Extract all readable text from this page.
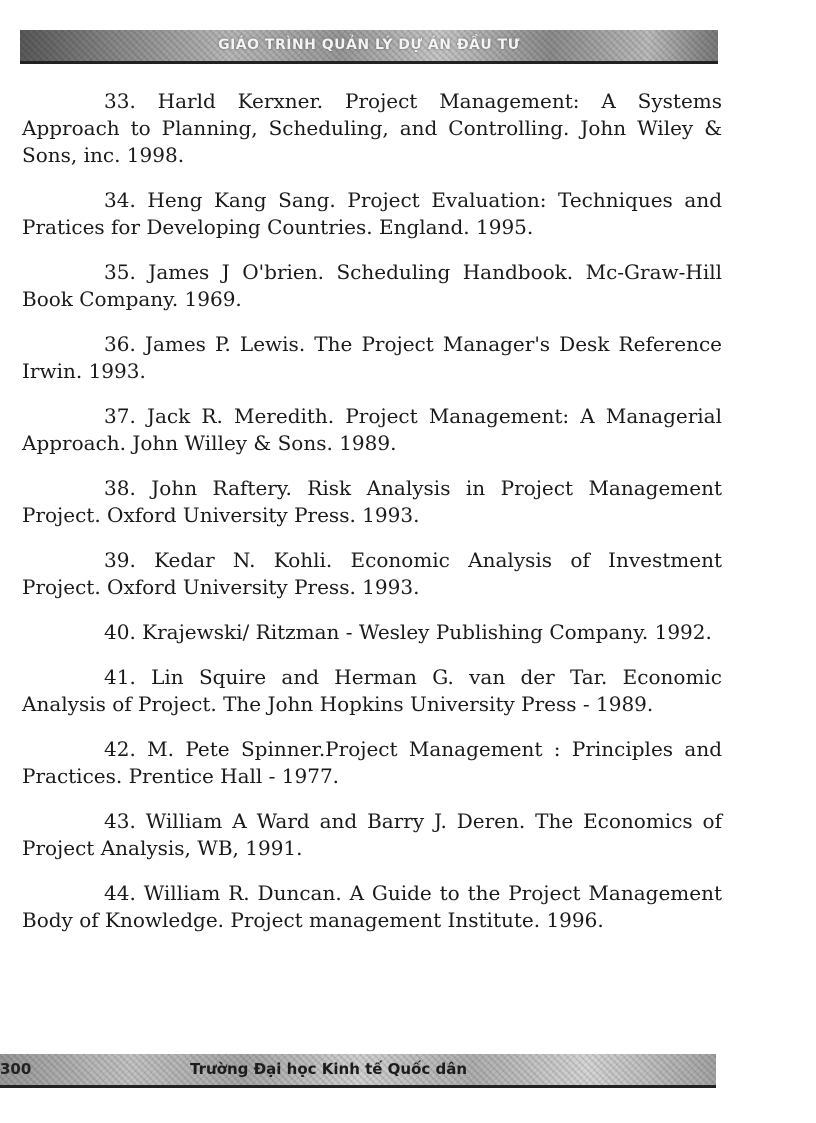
GIÁO TRÌNH QUẢN LÝ DỰ ÁN ĐẦU TƯ
33. Harld Kerxner. Project Management: A Systems Approach to Planning, Scheduling, and Controlling. John Wiley & Sons, inc. 1998.
34. Heng Kang Sang. Project Evaluation: Techniques and Pratices for Developing Countries. England. 1995.
35. James J O'brien. Scheduling Handbook. Mc-Graw-Hill Book Company. 1969.
36. James P. Lewis. The Project Manager's Desk Reference Irwin. 1993.
37. Jack R. Meredith. Project Management: A Managerial Approach. John Willey & Sons. 1989.
38. John Raftery. Risk Analysis in Project Management Project. Oxford University Press. 1993.
39. Kedar N. Kohli. Economic Analysis of Investment Project. Oxford University Press. 1993.
40. Krajewski/ Ritzman - Wesley Publishing Company. 1992.
41. Lin Squire and Herman G. van der Tar. Economic Analysis of Project. The John Hopkins University Press - 1989.
42. M. Pete Spinner.Project Management : Principles and Practices. Prentice Hall - 1977.
43. William A Ward and Barry J. Deren. The Economics of Project Analysis, WB, 1991.
44. William R. Duncan. A Guide to the Project Management Body of Knowledge. Project management Institute. 1996.
300	Trường Đại học Kinh tế Quốc dân
